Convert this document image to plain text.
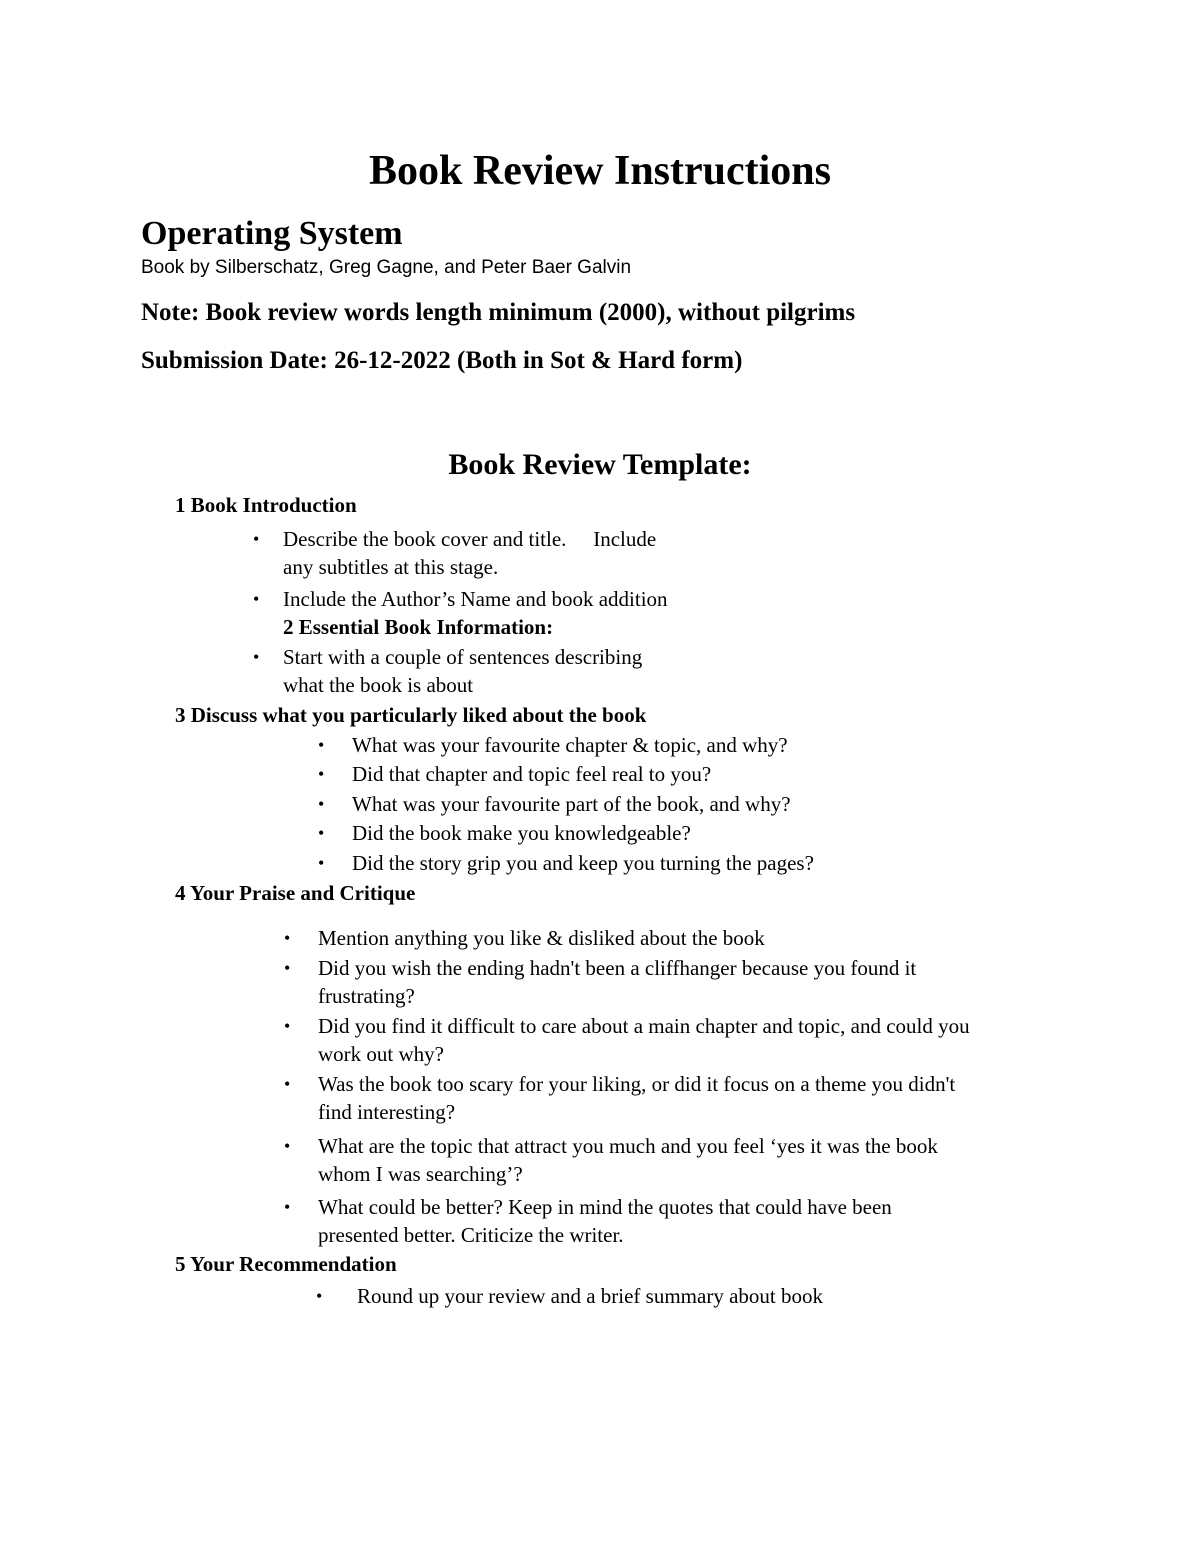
Book Review Instructions
Operating System
Book by Silberschatz, Greg Gagne, and Peter Baer Galvin
Note: Book review words length minimum (2000), without pilgrims
Submission Date: 26-12-2022 (Both in Sot & Hard form)
Book Review Template:
1 Book Introduction
• Describe the book cover and title. Include
any subtitles at this stage.
• Include the Author’s Name and book addition
2 Essential Book Information:
• Start with a couple of sentences describing
what the book is about
3 Discuss what you particularly liked about the book
• What was your favourite chapter & topic, and why?
• Did that chapter and topic feel real to you?
• What was your favourite part of the book, and why?
• Did the book make you knowledgeable?
• Did the story grip you and keep you turning the pages?
4 Your Praise and Critique
• Mention anything you like & disliked about the book
• Did you wish the ending hadn't been a cliffhanger because you found it
frustrating?
• Did you find it difficult to care about a main chapter and topic, and could you
work out why?
• Was the book too scary for your liking, or did it focus on a theme you didn't
find interesting?
• What are the topic that attract you much and you feel ‘yes it was the book
whom I was searching’?
• What could be better? Keep in mind the quotes that could have been
presented better. Criticize the writer.
5 Your Recommendation
• Round up your review and a brief summary about book
